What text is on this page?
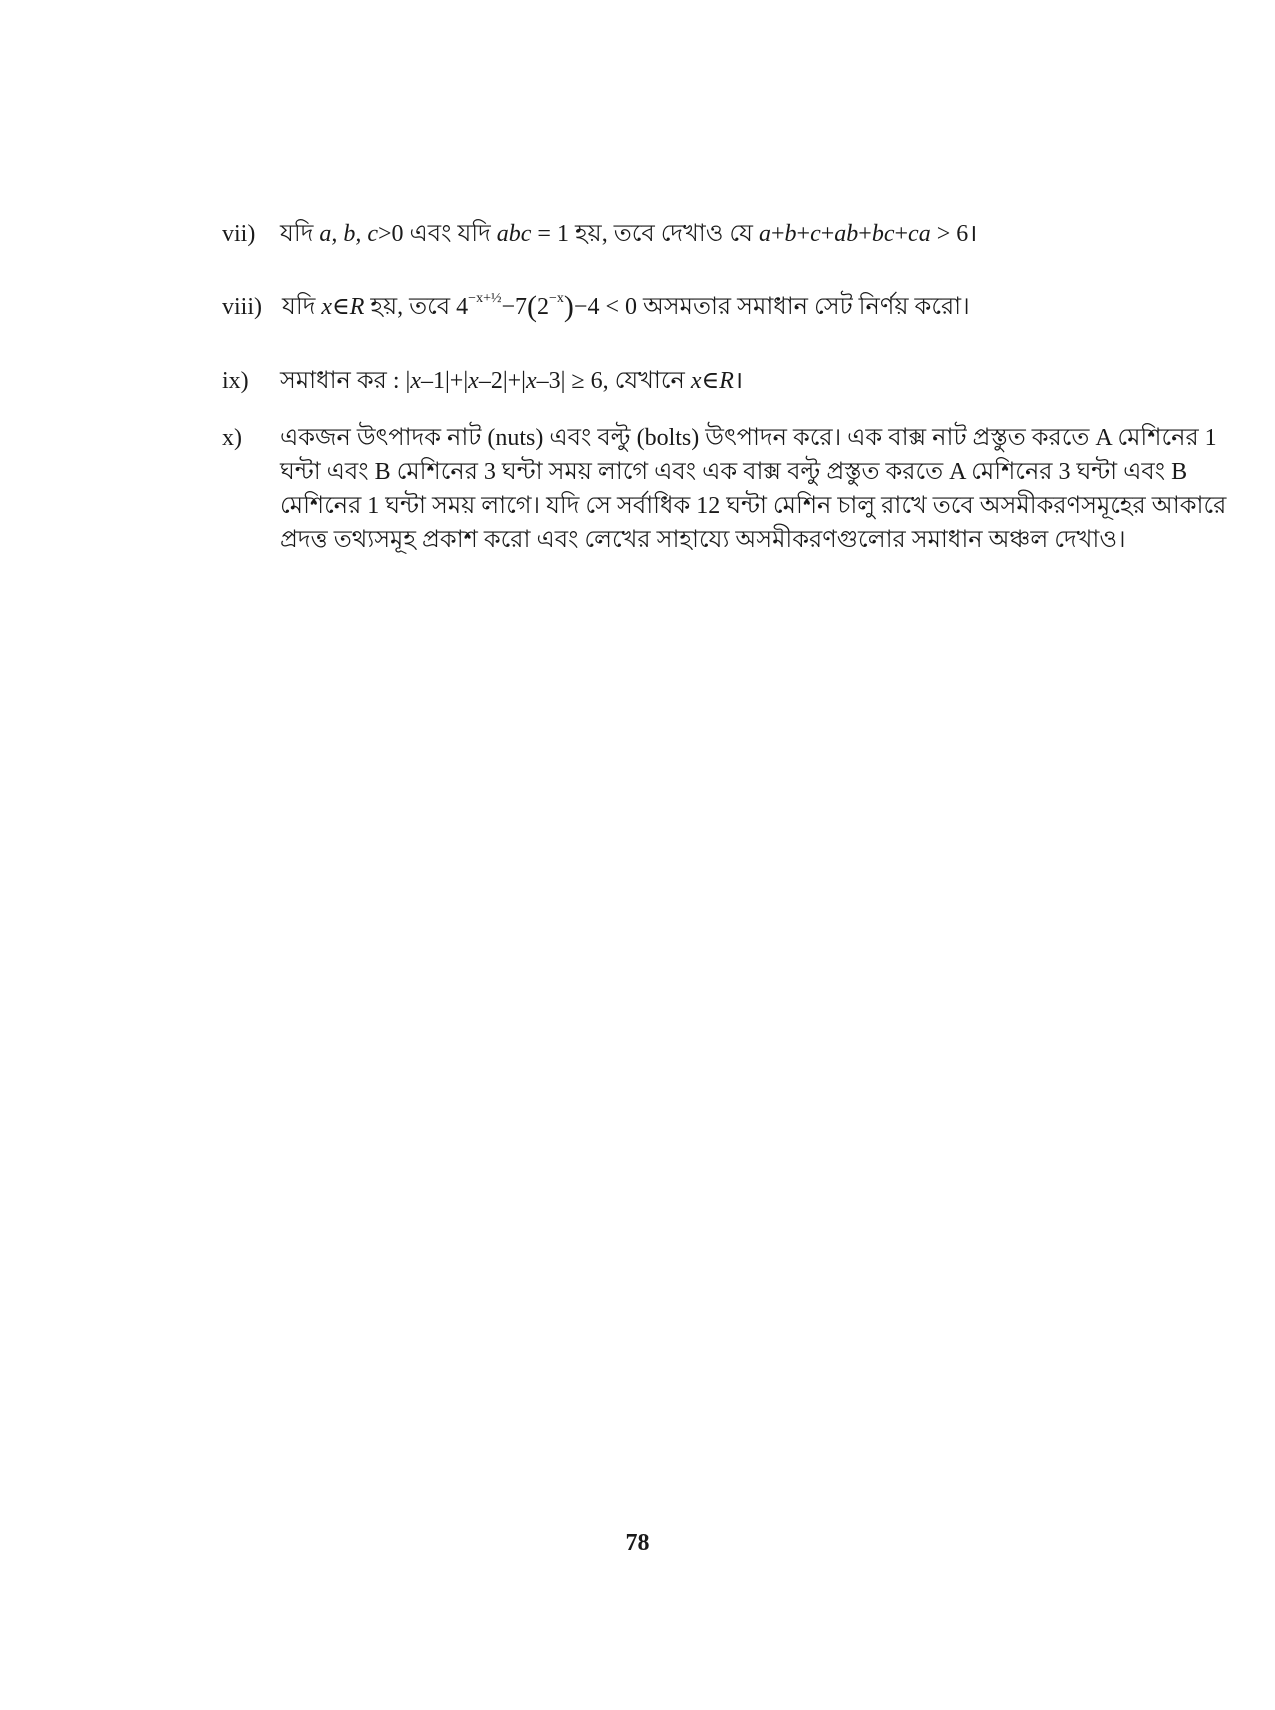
vii)	যদি a, b, c>0 এবং যদি abc = 1 হয়, তবে দেখাও যে a+b+c+ab+bc+ca > 6।
viii) যদি x∈R হয়, তবে $4^{-x+\frac{1}{2}}-7(2^{-x})-4 < 0$ অসমতার সমাধান সেট নির্ণয় করো।
ix)	সমাধান কর : |x–1|+|x–2|+|x–3| ≥ 6, যেখানে x∈R।
x)	একজন উৎপাদক নাট (nuts) এবং বল্টু (bolts) উৎপাদন করে। এক বাক্স নাট প্রস্তুত করতে A মেশিনের 1
ঘন্টা এবং B মেশিনের 3 ঘন্টা সময় লাগে এবং এক বাক্স বল্টু প্রস্তুত করতে A মেশিনের 3 ঘন্টা এবং B
মেশিনের 1 ঘন্টা সময় লাগে। যদি সে সর্বাধিক 12 ঘন্টা মেশিন চালু রাখে তবে অসমীকরণসমূহের আকারে
প্রদত্ত তথ্যসমূহ প্রকাশ করো এবং লেখের সাহায্যে অসমীকরণগুলোর সমাধান অঞ্চল দেখাও।
78
